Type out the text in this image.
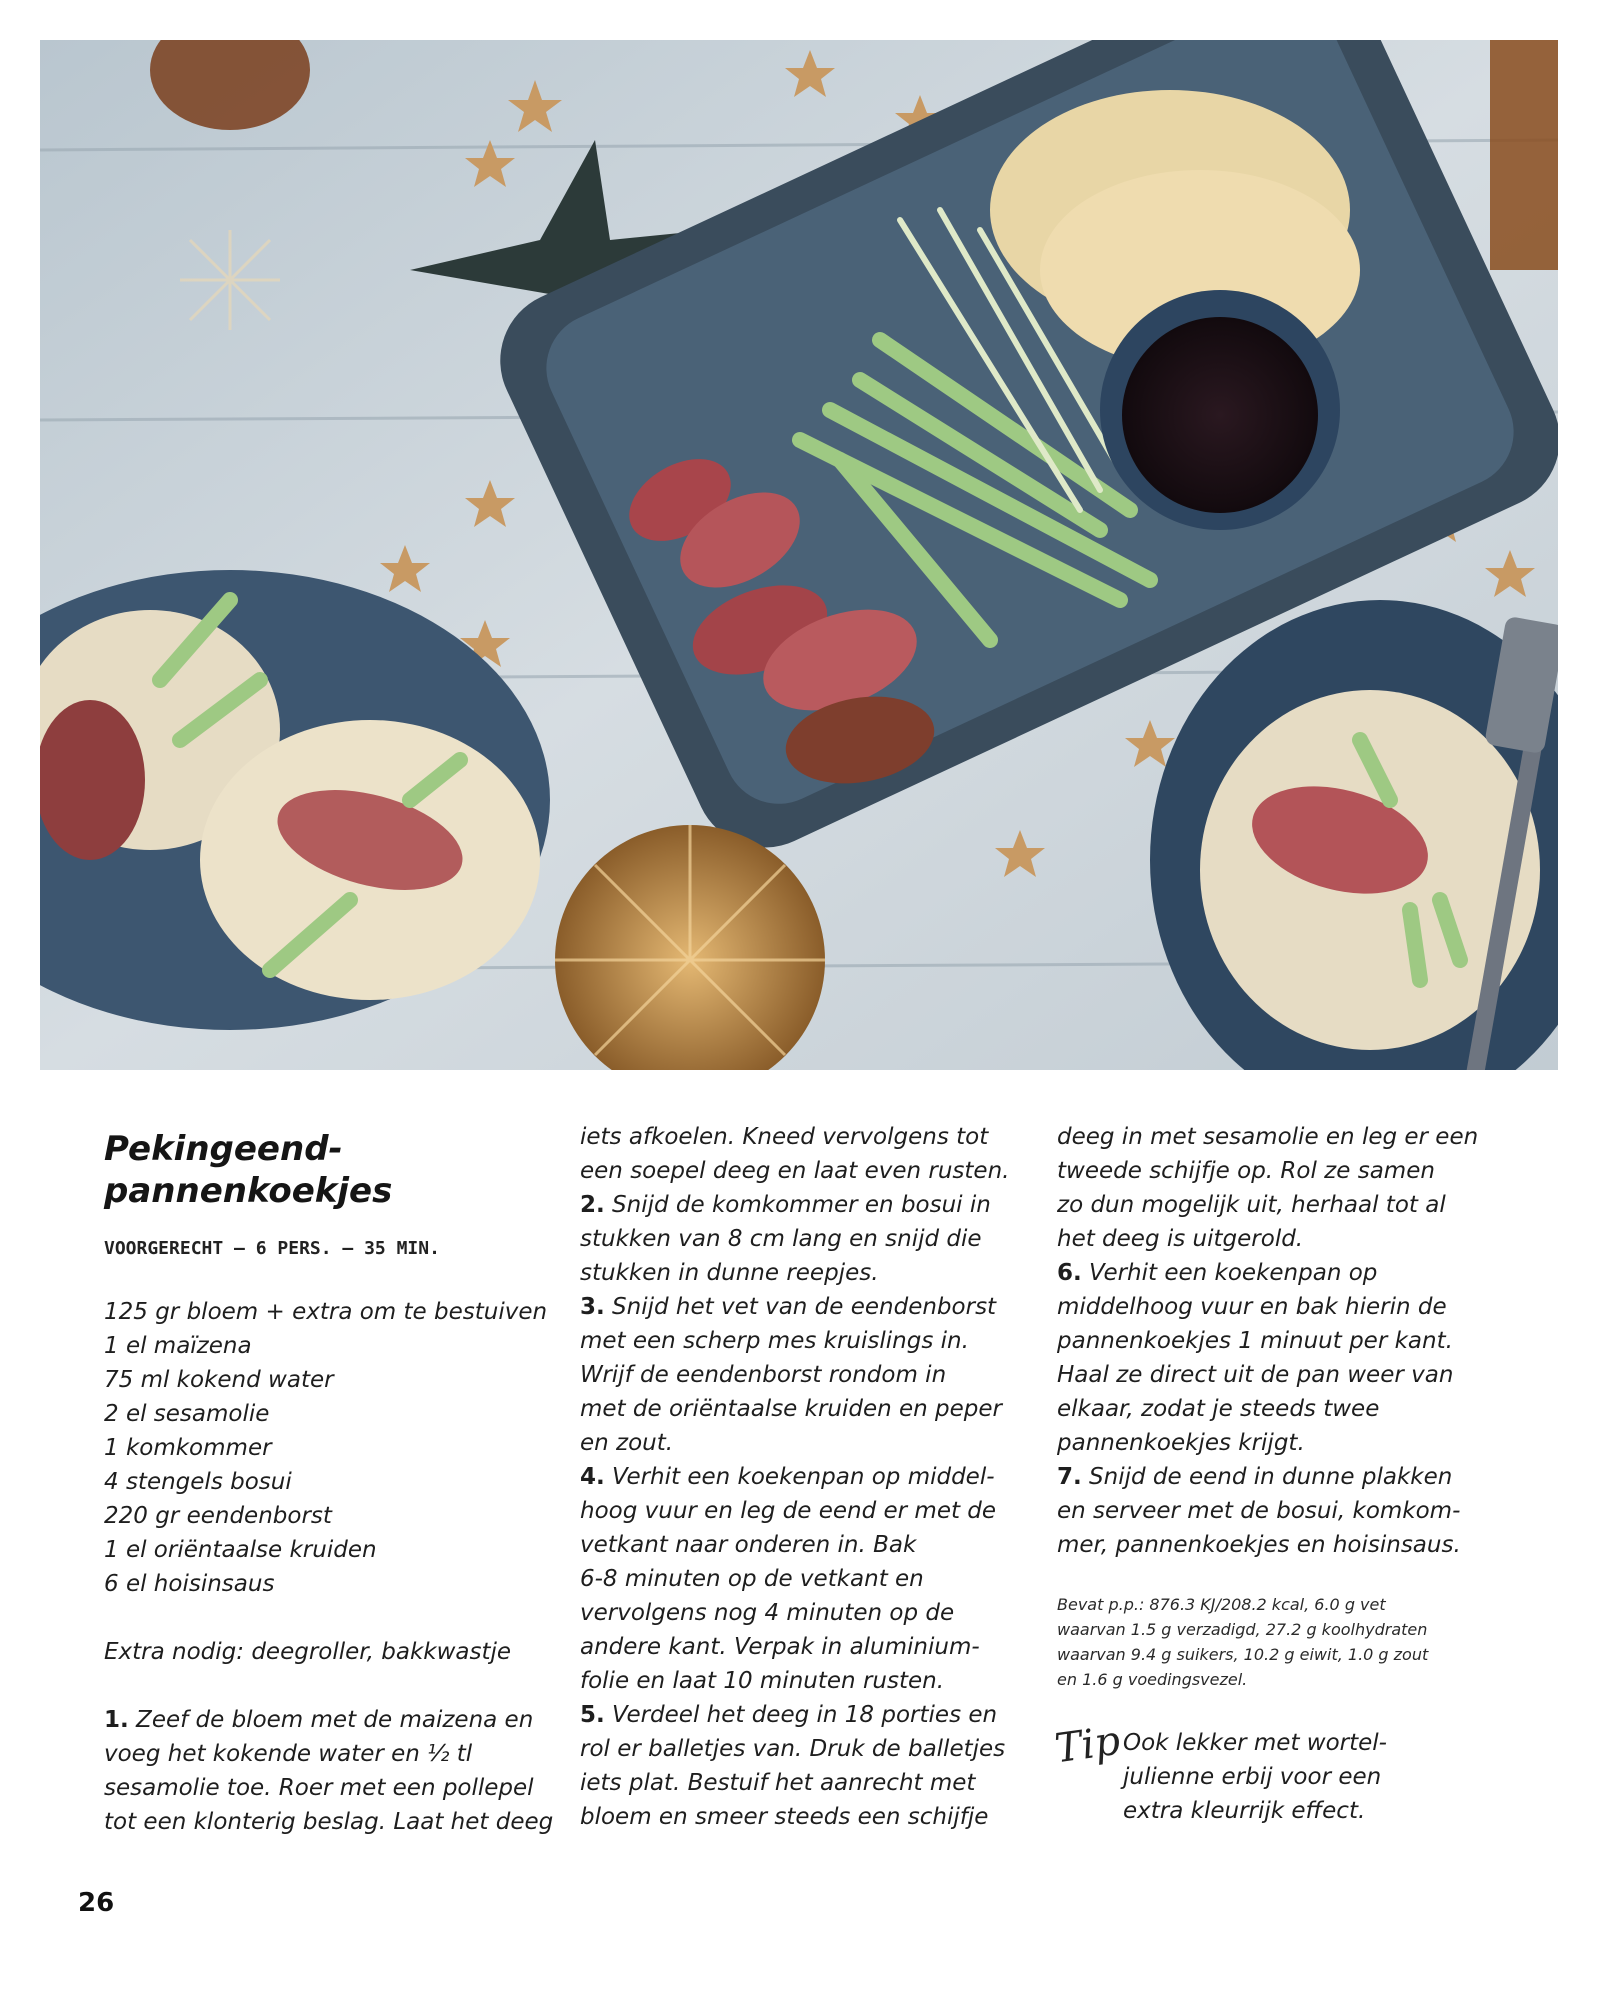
Pekingeend-
pannenkoekjes
VOORGERECHT – 6 PERS. – 35 MIN.
125 gr bloem + extra om te bestuiven
1 el maïzena
75 ml kokend water
2 el sesamolie
1 komkommer
4 stengels bosui
220 gr eendenborst
1 el oriëntaalse kruiden
6 el hoisinsaus
Extra nodig: deegroller, bakkwastje
1. Zeef de bloem met de maizena en
voeg het kokende water en ½ tl
sesamolie toe. Roer met een pollepel
tot een klonterig beslag. Laat het deeg
iets afkoelen. Kneed vervolgens tot
een soepel deeg en laat even rusten.
2. Snijd de komkommer en bosui in
stukken van 8 cm lang en snijd die
stukken in dunne reepjes.
3. Snijd het vet van de eendenborst
met een scherp mes kruislings in.
Wrijf de eendenborst rondom in
met de oriëntaalse kruiden en peper
en zout.
4. Verhit een koekenpan op middel-
hoog vuur en leg de eend er met de
vetkant naar onderen in. Bak
6-8 minuten op de vetkant en
vervolgens nog 4 minuten op de
andere kant. Verpak in aluminium-
folie en laat 10 minuten rusten.
5. Verdeel het deeg in 18 porties en
rol er balletjes van. Druk de balletjes
iets plat. Bestuif het aanrecht met
bloem en smeer steeds een schijfje
deeg in met sesamolie en leg er een
tweede schijfje op. Rol ze samen
zo dun mogelijk uit, herhaal tot al
het deeg is uitgerold.
6. Verhit een koekenpan op
middelhoog vuur en bak hierin de
pannenkoekjes 1 minuut per kant.
Haal ze direct uit de pan weer van
elkaar, zodat je steeds twee
pannenkoekjes krijgt.
7. Snijd de eend in dunne plakken
en serveer met de bosui, komkom-
mer, pannenkoekjes en hoisinsaus.
Bevat p.p.: 876.3 KJ/208.2 kcal, 6.0 g vet
waarvan 1.5 g verzadigd, 27.2 g koolhydraten
waarvan 9.4 g suikers, 10.2 g eiwit, 1.0 g zout
en 1.6 g voedingsvezel.
Tip Ook lekker met wortel-
julienne erbij voor een
extra kleurrijk effect.
26
